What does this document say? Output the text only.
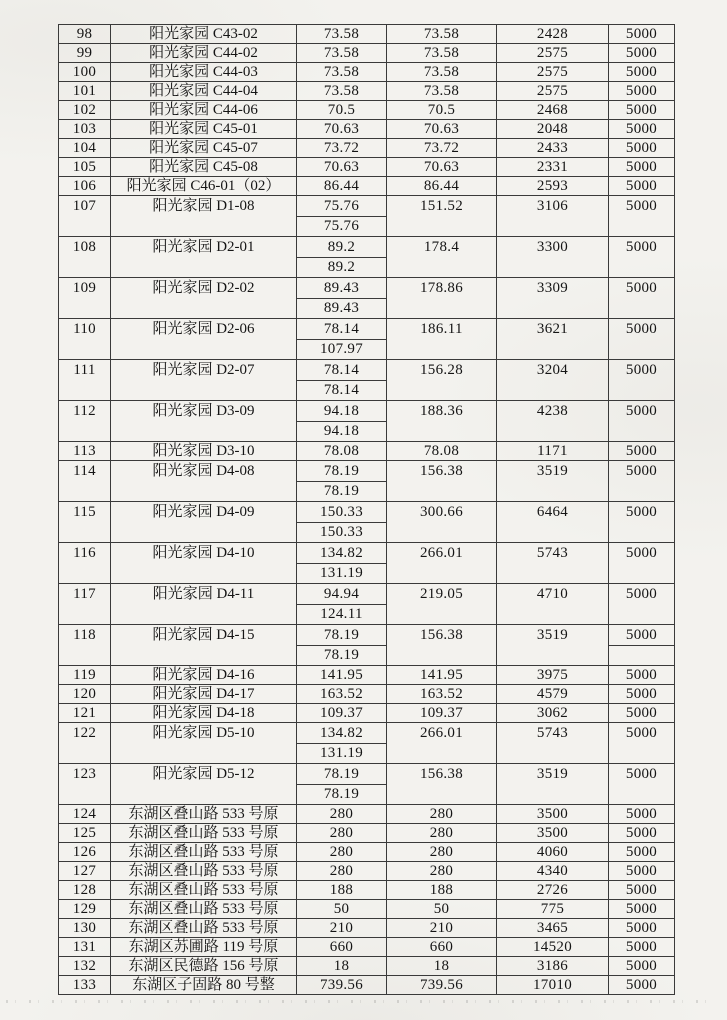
98	阳光家园 C43-02	73.58	73.58	2428	5000
99	阳光家园 C44-02	73.58	73.58	2575	5000
100	阳光家园 C44-03	73.58	73.58	2575	5000
101	阳光家园 C44-04	73.58	73.58	2575	5000
102	阳光家园 C44-06	70.5	70.5	2468	5000
103	阳光家园 C45-01	70.63	70.63	2048	5000
104	阳光家园 C45-07	73.72	73.72	2433	5000
105	阳光家园 C45-08	70.63	70.63	2331	5000
106	阳光家园 C46-01（02）	86.44	86.44	2593	5000
107	阳光家园 D1-08	75.76	151.52	3106	5000
		75.76			
108	阳光家园 D2-01	89.2	178.4	3300	5000
		89.2			
109	阳光家园 D2-02	89.43	178.86	3309	5000
		89.43			
110	阳光家园 D2-06	78.14	186.11	3621	5000
		107.97			
111	阳光家园 D2-07	78.14	156.28	3204	5000
		78.14			
112	阳光家园 D3-09	94.18	188.36	4238	5000
		94.18			
113	阳光家园 D3-10	78.08	78.08	1171	5000
114	阳光家园 D4-08	78.19	156.38	3519	5000
		78.19			
115	阳光家园 D4-09	150.33	300.66	6464	5000
		150.33			
116	阳光家园 D4-10	134.82	266.01	5743	5000
		131.19			
117	阳光家园 D4-11	94.94	219.05	4710	5000
		124.11			
118	阳光家园 D4-15	78.19	156.38	3519	5000
		78.19			
119	阳光家园 D4-16	141.95	141.95	3975	5000
120	阳光家园 D4-17	163.52	163.52	4579	5000
121	阳光家园 D4-18	109.37	109.37	3062	5000
122	阳光家园 D5-10	134.82	266.01	5743	5000
		131.19			
123	阳光家园 D5-12	78.19	156.38	3519	5000
		78.19			
124	东湖区叠山路 533 号原	280	280	3500	5000
125	东湖区叠山路 533 号原	280	280	3500	5000
126	东湖区叠山路 533 号原	280	280	4060	5000
127	东湖区叠山路 533 号原	280	280	4340	5000
128	东湖区叠山路 533 号原	188	188	2726	5000
129	东湖区叠山路 533 号原	50	50	775	5000
130	东湖区叠山路 533 号原	210	210	3465	5000
131	东湖区苏圃路 119 号原	660	660	14520	5000
132	东湖区民德路 156 号原	18	18	3186	5000
133	东湖区子固路 80 号整	739.56	739.56	17010	5000
